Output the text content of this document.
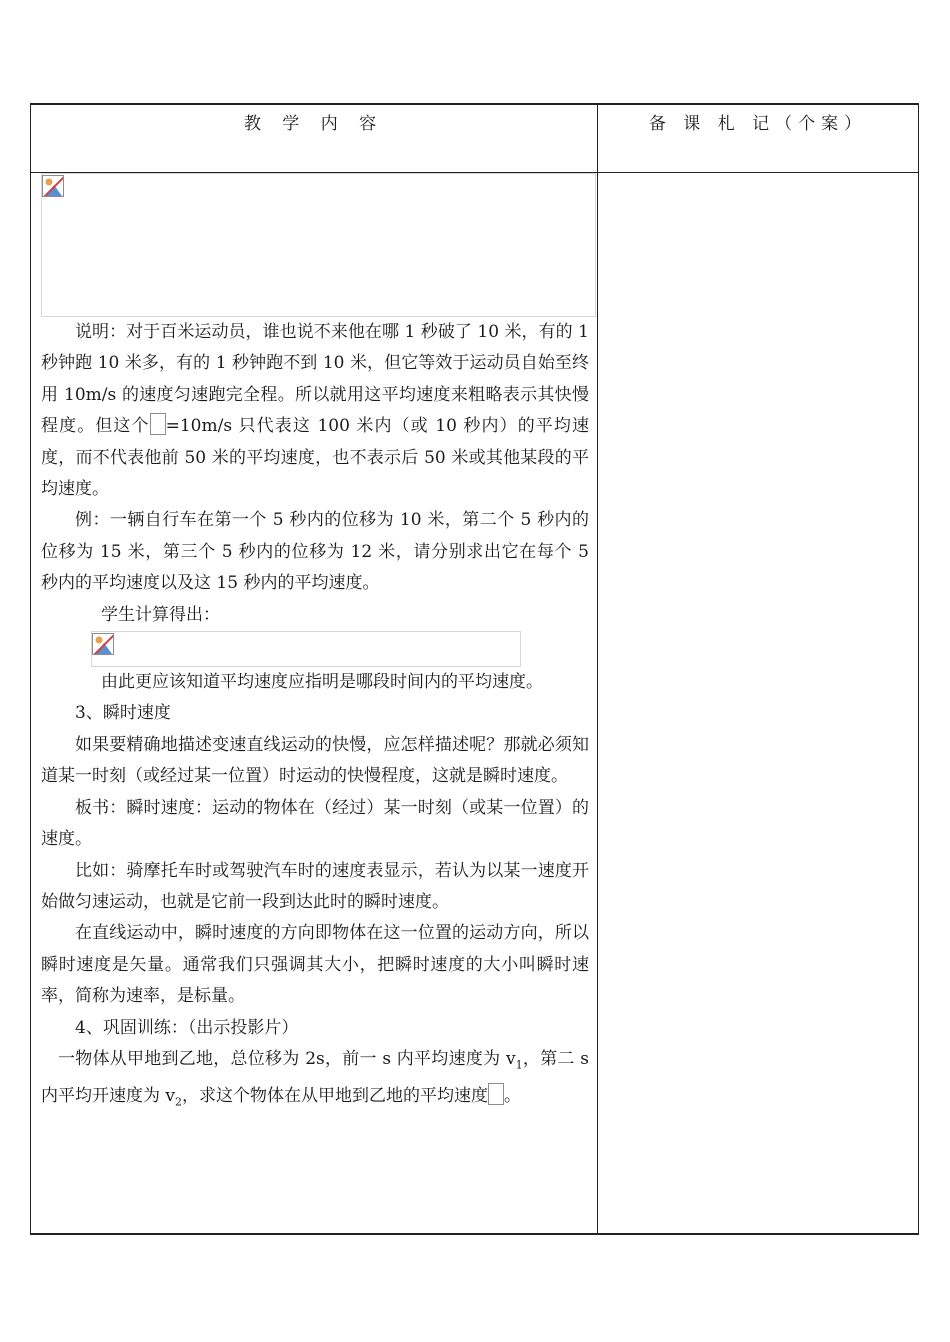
教 学 内 容	备 课 札 记（个案）

说明：对于百米运动员，谁也说不来他在哪 1 秒破了 10 米，有的 1 秒钟跑 10 米多，有的 1 秒钟跑不到 10 米，但它等效于运动员自始至终用 10m/s 的速度匀速跑完全程。所以就用这平均速度来粗略表示其快慢程度。但这个 =10m/s 只代表这 100 米内（或 10 秒内）的平均速度，而不代表他前 50 米的平均速度，也不表示后 50 米或其他某段的平均速度。

例：一辆自行车在第一个 5 秒内的位移为 10 米，第二个 5 秒内的位移为 15 米，第三个 5 秒内的位移为 12 米，请分别求出它在每个 5 秒内的平均速度以及这 15 秒内的平均速度。

学生计算得出：

由此更应该知道平均速度应指明是哪段时间内的平均速度。

3、瞬时速度

如果要精确地描述变速直线运动的快慢，应怎样描述呢？那就必须知道某一时刻（或经过某一位置）时运动的快慢程度，这就是瞬时速度。

板书：瞬时速度：运动的物体在（经过）某一时刻（或某一位置）的速度。

比如：骑摩托车时或驾驶汽车时的速度表显示，若认为以某一速度开始做匀速运动，也就是它前一段到达此时的瞬时速度。

在直线运动中，瞬时速度的方向即物体在这一位置的运动方向，所以瞬时速度是矢量。通常我们只强调其大小，把瞬时速度的大小叫瞬时速率，简称为速率，是标量。

4、巩固训练：（出示投影片）

一物体从甲地到乙地，总位移为 2s，前一 s 内平均速度为 $v_1$，第二 s 内平均开速度为 $v_2$，求这个物体在从甲地到乙地的平均速度 。
